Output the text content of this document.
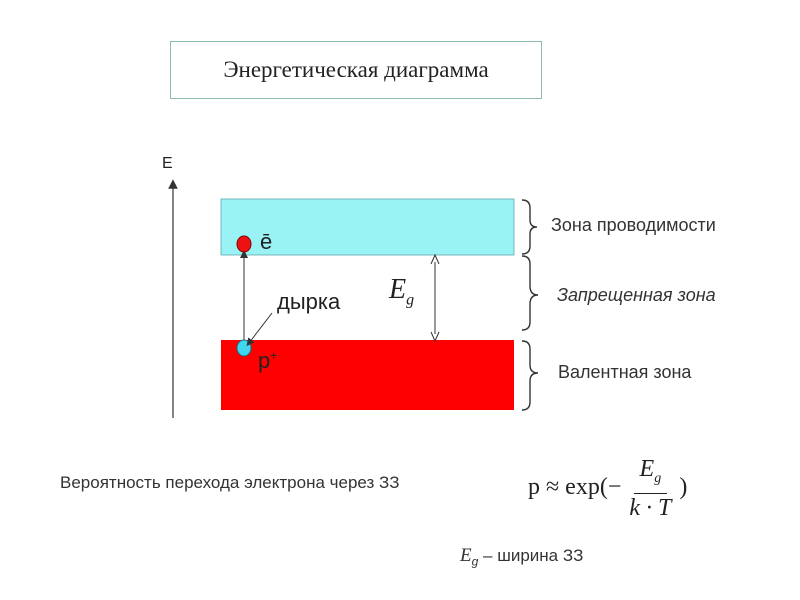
Энергетическая диаграмма
E
ē
дырка
p+
$E_g$
Зона проводимости
Запрещенная зона
Валентная зона
Вероятность перехода электрона через ЗЗ	$p \approx \exp(- \frac{E_g}{k \cdot T}$ )
$E_g$ – ширина ЗЗ
